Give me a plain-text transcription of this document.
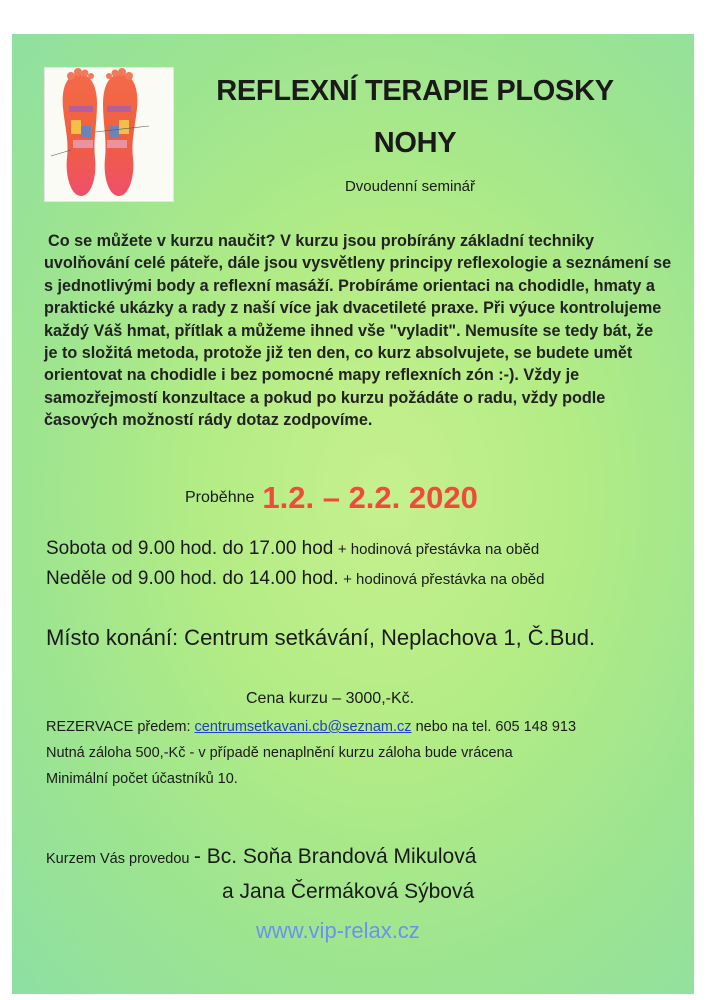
REFLEXNÍ TERAPIE PLOSKY
NOHY
Dvoudenní seminář
Co se můžete v kurzu naučit? V kurzu jsou probírány základní techniky
uvolňování celé páteře, dále jsou vysvětleny principy reflexologie a seznámení se
s jednotlivými body a reflexní masáží. Probíráme orientaci na chodidle, hmaty a
praktické ukázky a rady z naší více jak dvacetileté praxe. Při výuce kontrolujeme
každý Váš hmat, přítlak a můžeme ihned vše "vyladit". Nemusíte se tedy bát, že
je to složitá metoda, protože již ten den, co kurz absolvujete, se budete umět
orientovat na chodidle i bez pomocné mapy reflexních zón :-). Vždy je
samozřejmostí konzultace a pokud po kurzu požádáte o radu, vždy podle
časových možností rády dotaz zodpovíme.
Proběhne 1.2. – 2.2. 2020
Sobota od 9.00 hod. do 17.00 hod + hodinová přestávka na oběd
Neděle od 9.00 hod. do 14.00 hod. + hodinová přestávka na oběd
Místo konání: Centrum setkávání, Neplachova 1, Č.Bud.
Cena kurzu – 3000,-Kč.
REZERVACE předem: centrumsetkavani.cb@seznam.cz nebo na tel. 605 148 913
Nutná záloha 500,-Kč - v případě nenaplnění kurzu záloha bude vrácena
Minimální počet účastníků 10.
Kurzem Vás provedou - Bc. Soňa Brandová Mikulová
a Jana Čermáková Sýbová
www.vip-relax.cz
